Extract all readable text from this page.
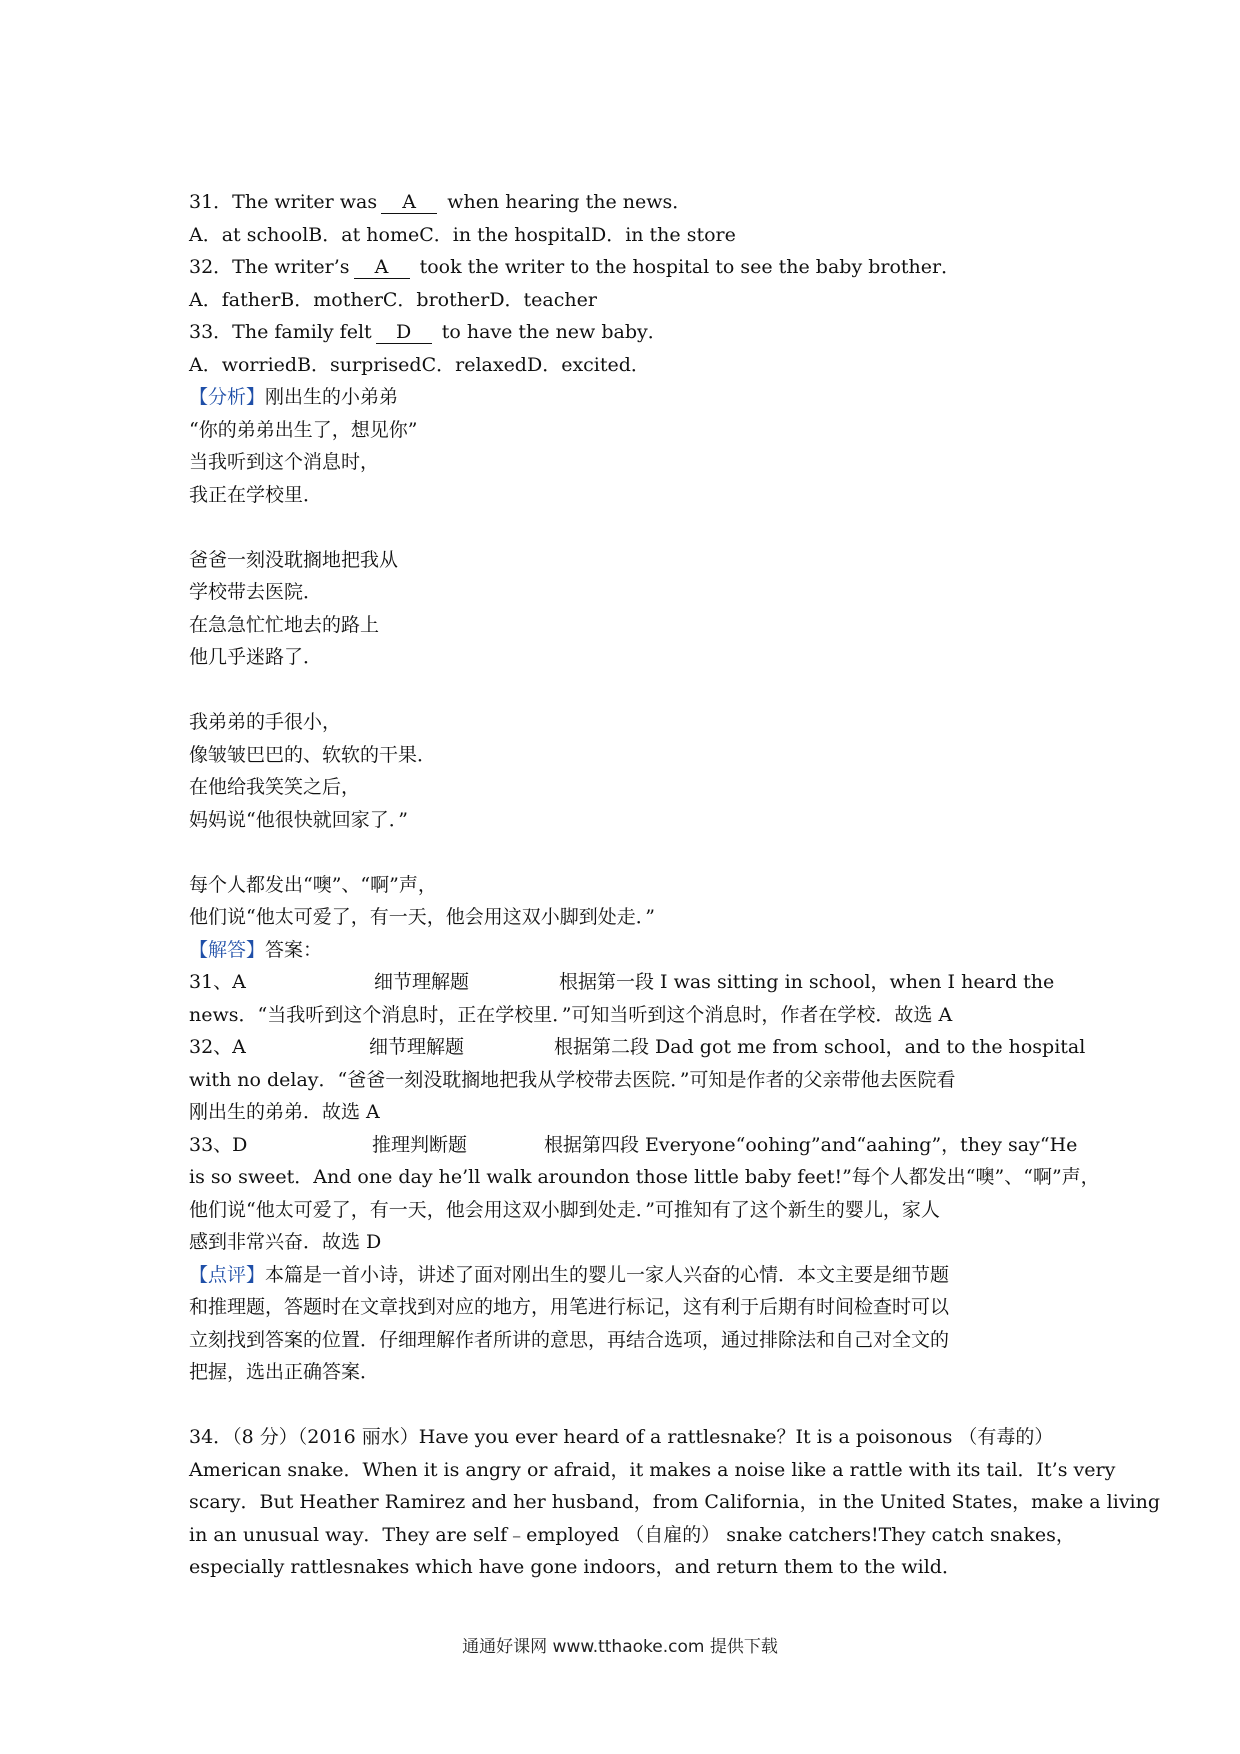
31．The writer was A when hearing the news．
A．at schoolB．at homeC．in the hospitalD．in the store
32．The writer’s A took the writer to the hospital to see the baby brother．
A．fatherB．motherC．brotherD．teacher
33．The family felt D to have the new baby．
A．worriedB．surprisedC．relaxedD．excited．
【分析】刚出生的小弟弟
“你的弟弟出生了，想见你”
当我听到这个消息时，
我正在学校里．
爸爸一刻没耽搁地把我从
学校带去医院．
在急急忙忙地去的路上
他几乎迷路了．
我弟弟的手很小，
像皱皱巴巴的、软软的干果．
在他给我笑笑之后，
妈妈说“他很快就回家了．”
每个人都发出“噢”、“啊”声，
他们说“他太可爱了，有一天，他会用这双小脚到处走．”
【解答】答案：
31、A	细节理解题	根据第一段 I was sitting in school，when I heard the
news．“当我听到这个消息时，正在学校里．”可知当听到这个消息时，作者在学校．故选 A
32、A	细节理解题	根据第二段 Dad got me from school，and to the hospital
with no delay．“爸爸一刻没耽搁地把我从学校带去医院．”可知是作者的父亲带他去医院看
刚出生的弟弟．故选 A
33、D	推理判断题	根据第四段 Everyone“oohing”and“aahing”，they say“He
is so sweet．And one day he’ll walk aroundon those little baby feet!”每个人都发出“噢”、“啊”声，
他们说“他太可爱了，有一天，他会用这双小脚到处走．”可推知有了这个新生的婴儿，家人
感到非常兴奋．故选 D
【点评】本篇是一首小诗，讲述了面对刚出生的婴儿一家人兴奋的心情．本文主要是细节题
和推理题，答题时在文章找到对应的地方，用笔进行标记，这有利于后期有时间检查时可以
立刻找到答案的位置．仔细理解作者所讲的意思，再结合选项，通过排除法和自己对全文的
把握，选出正确答案．
34．（8 分）（2016 丽水）Have you ever heard of a rattlesnake？It is a poisonous （有毒的）
American snake．When it is angry or afraid，it makes a noise like a rattle with its tail．It’s very
scary．But Heather Ramirez and her husband，from California，in the United States，make a living
in an unusual way．They are self﹣employed （自雇的） snake catchers!They catch snakes，
especially rattlesnakes which have gone indoors，and return them to the wild．
通通好课网 www.tthaoke.com 提供下载
